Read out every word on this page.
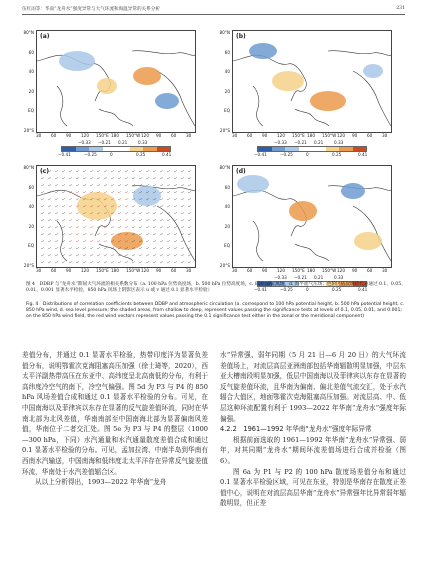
伍红雨等：华南“龙舟水”强度异常与大气环流和海温异常的关系分析	231
(a)
80°N
60
40
20
EQ
20°S
30 60 90 120 150°E 180 150°W 120 90 60 30
−0.33 −0.21 0.21	0.33
−0.41	−0.25	0	0.25	0.41
(b)
80°N
60
40
20
EQ
20°S
30 60 90 120 150°E 180 150°W 120 90 60 30
−0.33 −0.21 0.21	0.33
−0.41	−0.25	0	0.25	0.41
(c)
80°N
60
40
20
EQ
20°S
30 60 90 120 150°E 180 150°W 120 90 60 30
(d)
80°N
60
40
20
EQ
20°S
30 60 90 120 150°E 180 150°W 120 90 60 30
−0.33 −0.21 0.21	0.33
−0.41	−0.25	0	0.25	0.41
图 4　DDBP 与“龙舟水”期间大气环流的相关系数分布（a. 100 hPa 位势高度场，b. 500 hPa 位势高度场，c. 850 hPa 风场，d. 海平面气压场；色阶区依次填绘代表通过 0.1、0.05、0.01、0.001 显著水平检验，850 hPa 风场上阴影区表示 u 或 v 通过 0.1 显著水平检验）
Fig. 4　Distributions of correlation coefficients between DDBP and atmospheric circulation (a. correspond to 100 hPa potential height, b. 500 hPa potential height, c. 850 hPa wind, d. sea level pressure; the shaded areas, from shallow to deep, represent values passing the significance tests at levels of 0.1, 0.05, 0.01, and 0.001; on the 850 hPa wind field, the red wind vectors represent values passing the 0.1 significance test either in the zonal or the meridional component)

差值分布，并通过 0.1 显著水平检验，热带印度洋为显著负差值分布，说明鄂霍次克海阻塞高压加强（徐士琦等，2020），西太平洋副热带高压在东亚中、高纬度呈北高南低的分布，有利于高纬度冷空气的南下，冷空气偏强。图 5d 为 P3 与 P4 的 850 hPa 风场差值合成和通过 0.1 显著水平检验的分布。可见，在中国南海以及菲律宾以东存在显著的反气旋差值环流，同时在华南北部为北风差值，华南南部至中国南海北部为显著偏南风差值，华南位于二者交汇处。图 5e 为 P3 与 P4 的整层（1000—300 hPa，下同）水汽通量和水汽通量散度差值合成和通过 0.1 显著水平检验的分布。可见，孟加拉湾、中南半岛到华南有西南水汽输送，中国南海和低纬度北太平洋存在异常反气旋差值环流，华南处于水汽差值辐合区。

从以上分析得出，1993—2022 年华南“龙舟

水”异常强、弱年同期（5 月 21 日—6 月 20 日）的大气环流差值场上，对流层高层亚洲南部包括华南辐散明显加强，中层东亚大槽南段明显加强，低层中国南海以及菲律宾以东存在显著的反气旋差值环流，且华南为偏南、偏北差值气流交汇，处于水汽辐合大值区，地面鄂霍次克海阻塞高压加强。对流层高、中、低层这种环流配置有利于 1993—2022 年华南“龙舟水”强度年际偏强。

4.2.2　1961—1992 年华南“龙舟水”强度年际异常

根据前面选取的 1961—1992 年华南“龙舟水”异常强、弱年，对其同期“龙舟水”期间环流差值场进行合成并检验（图 6）。

图 6a 为 P1 与 P2 的 100 hPa 散度场差值分布和通过 0.1 显著水平检验区域，可见在东亚，特别是华南存在散度正差值中心，说明在对流层高层华南“龙舟水”异常强年比异常弱年辐散明显，但正差
